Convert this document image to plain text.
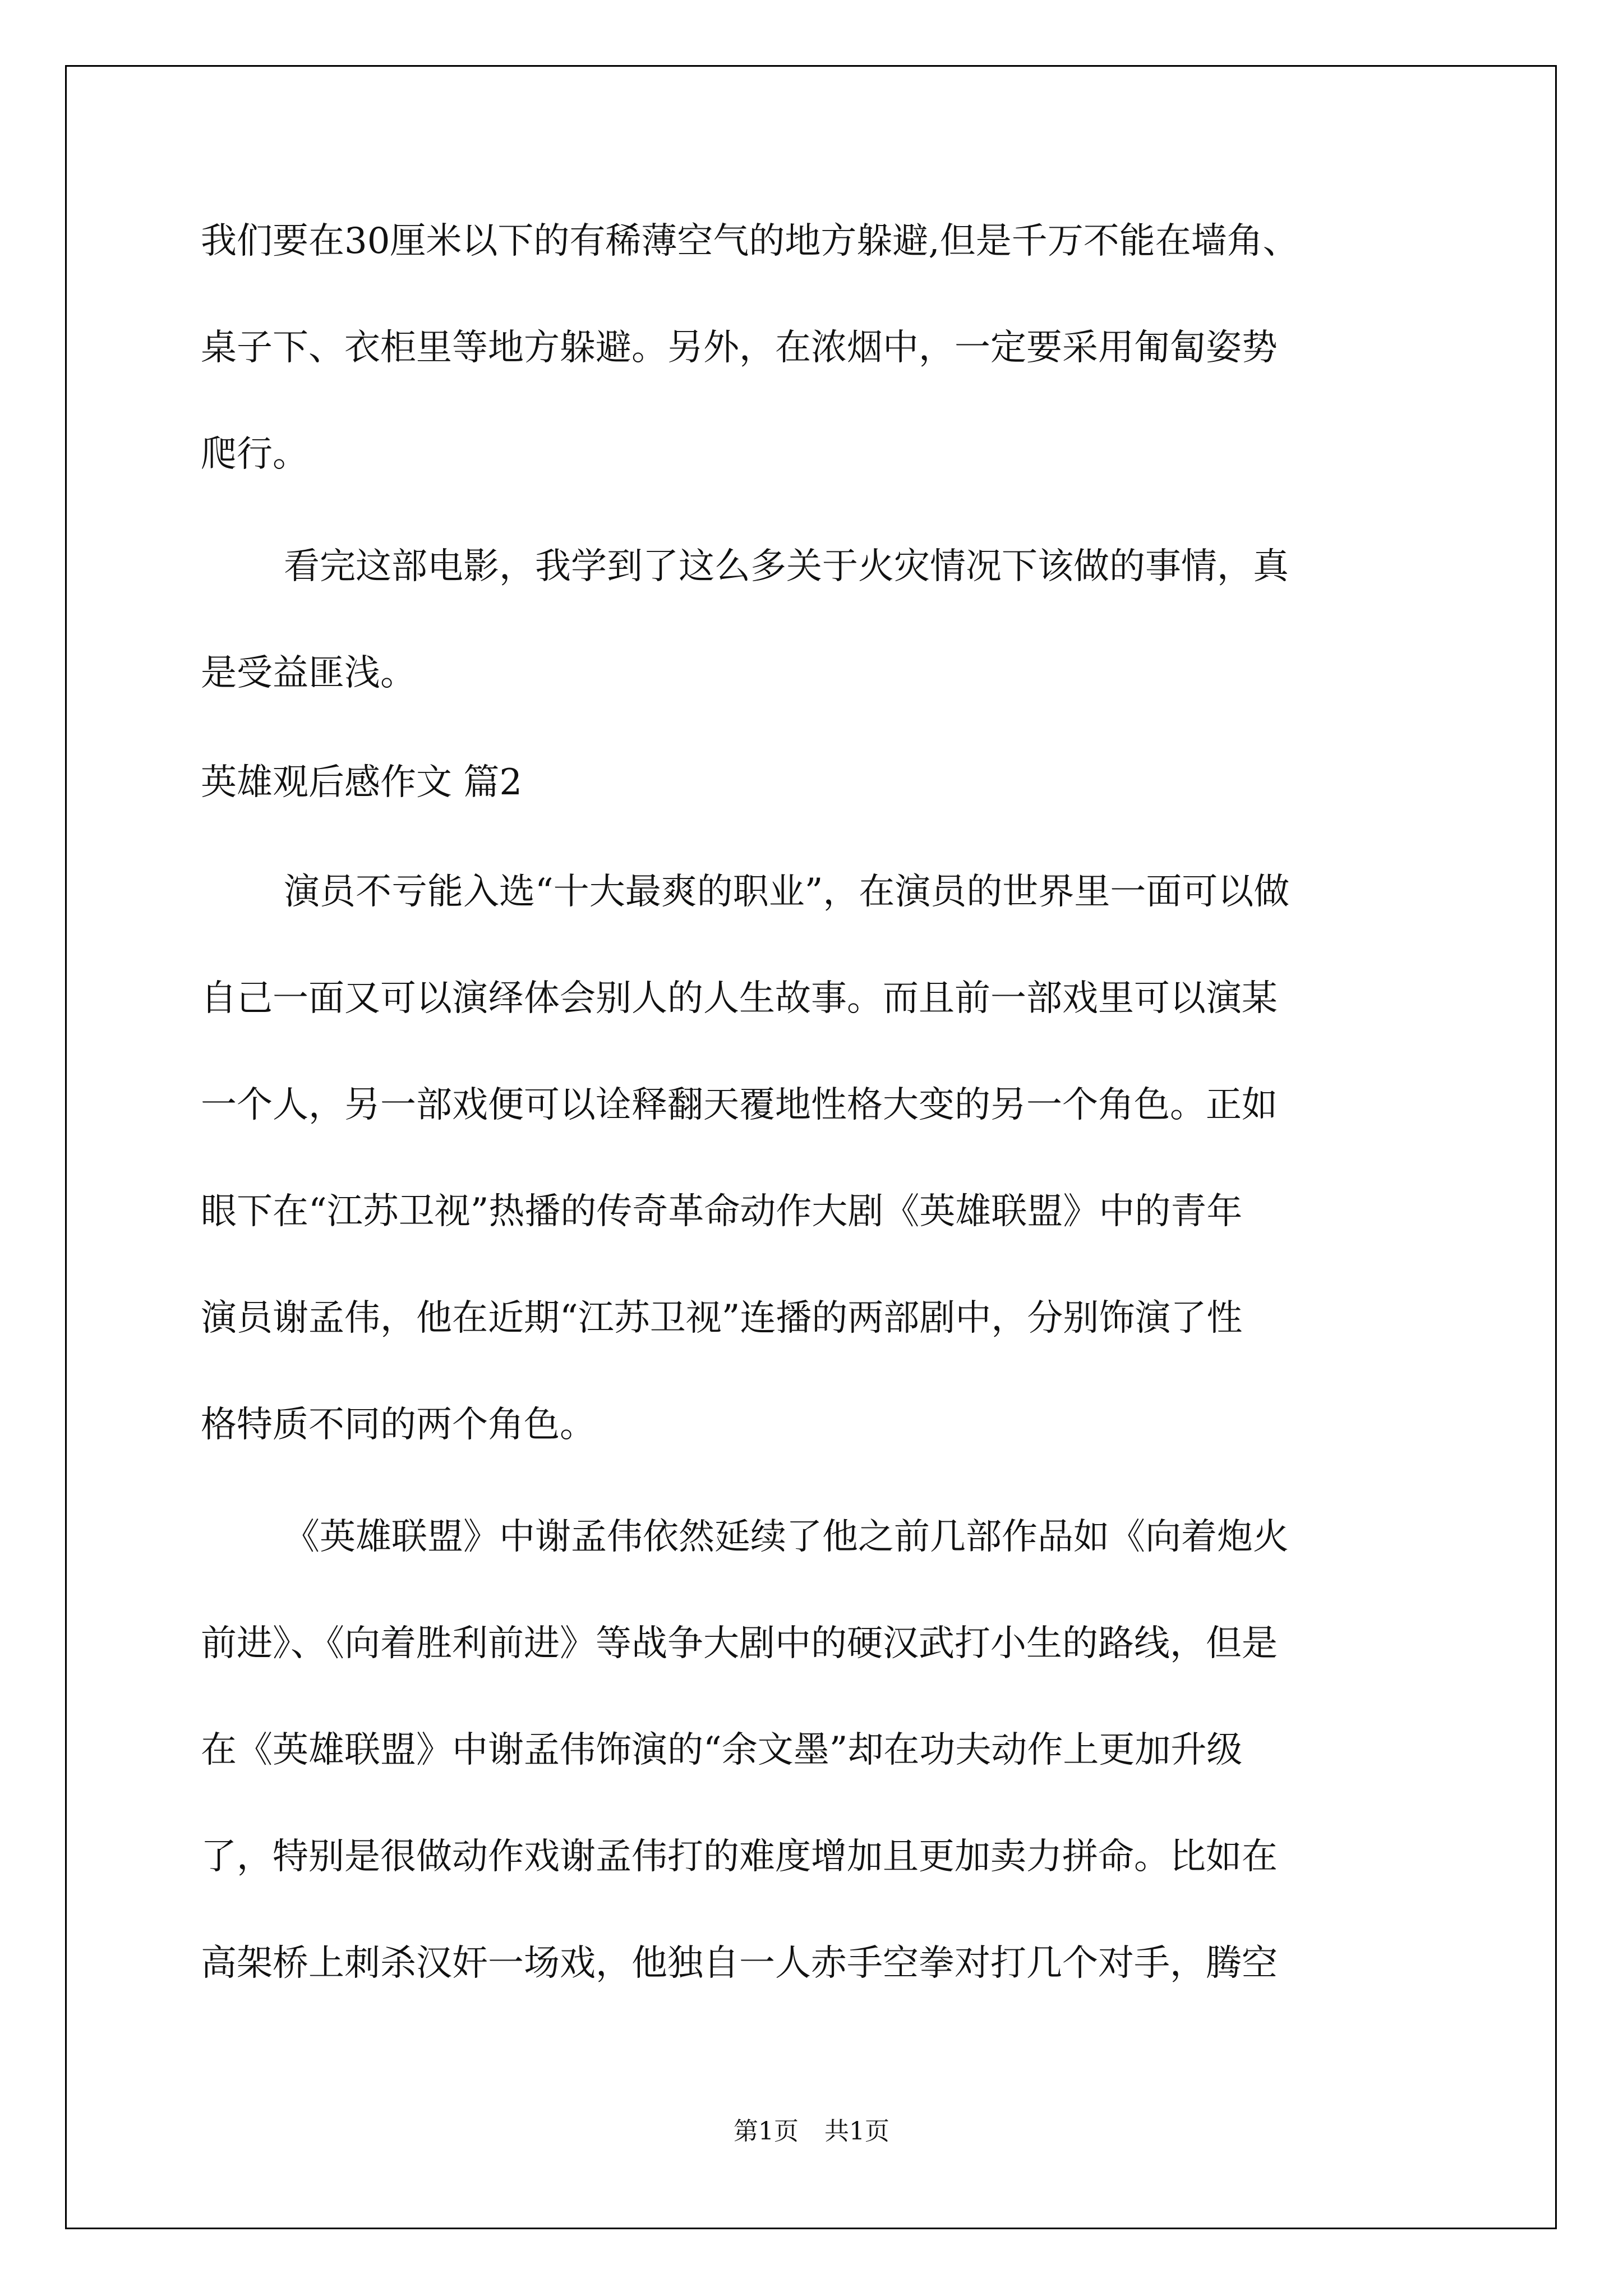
我们要在30厘米以下的有稀薄空气的地方躲避,但是千万不能在墙角、
桌子下、衣柜里等地方躲避。另外，在浓烟中，一定要采用匍匐姿势
爬行。
看完这部电影，我学到了这么多关于火灾情况下该做的事情，真
是受益匪浅。
英雄观后感作文 篇2
演员不亏能入选“十大最爽的职业”，在演员的世界里一面可以做
自己一面又可以演绎体会别人的人生故事。而且前一部戏里可以演某
一个人，另一部戏便可以诠释翻天覆地性格大变的另一个角色。正如
眼下在“江苏卫视”热播的传奇革命动作大剧《英雄联盟》中的青年
演员谢孟伟，他在近期“江苏卫视”连播的两部剧中，分别饰演了性
格特质不同的两个角色。
《英雄联盟》中谢孟伟依然延续了他之前几部作品如《向着炮火
前进》、《向着胜利前进》等战争大剧中的硬汉武打小生的路线，但是
在《英雄联盟》中谢孟伟饰演的“余文墨”却在功夫动作上更加升级
了，特别是很做动作戏谢孟伟打的难度增加且更加卖力拼命。比如在
高架桥上刺杀汉奸一场戏，他独自一人赤手空拳对打几个对手，腾空
第1页 共1页
